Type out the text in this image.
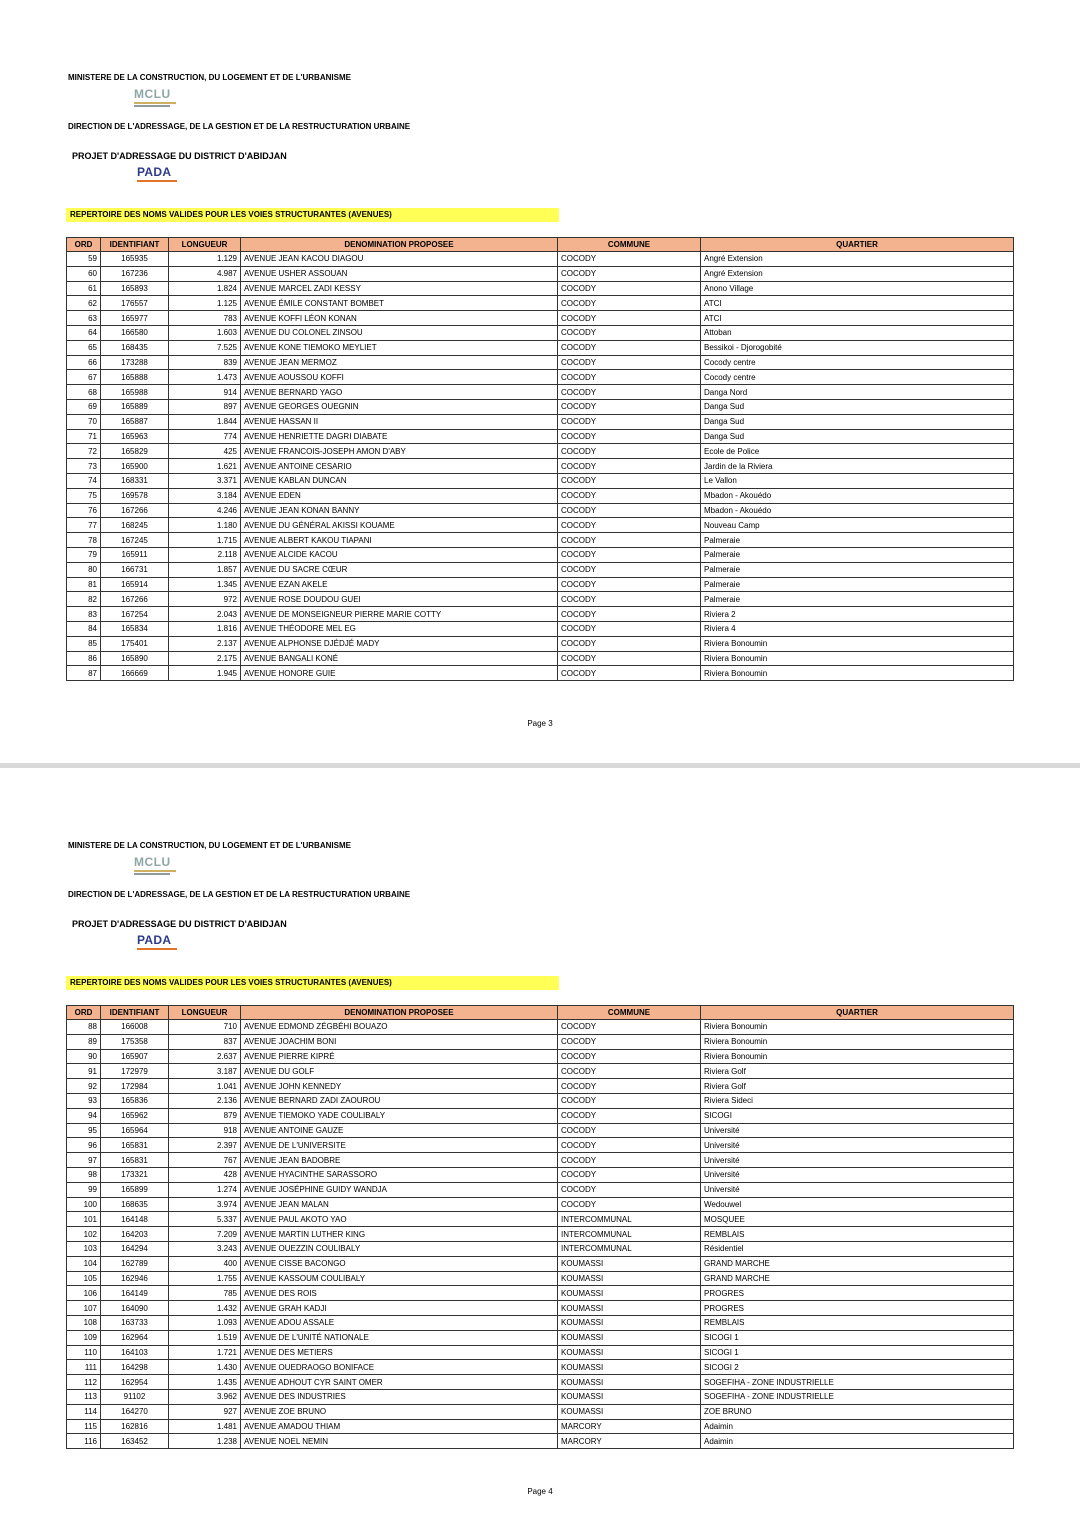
MINISTERE DE LA CONSTRUCTION, DU LOGEMENT ET DE L'URBANISME
MCLU
DIRECTION DE L'ADRESSAGE, DE LA GESTION ET DE LA RESTRUCTURATION URBAINE
PROJET D'ADRESSAGE DU DISTRICT D'ABIDJAN
PADA
REPERTOIRE DES NOMS VALIDES POUR LES VOIES STRUCTURANTES (AVENUES)
ORD	IDENTIFIANT	LONGUEUR	DENOMINATION PROPOSEE	COMMUNE	QUARTIER
59	165935	1.129	AVENUE JEAN KACOU DIAGOU	COCODY	Angré Extension
60	167236	4.987	AVENUE USHER ASSOUAN	COCODY	Angré Extension
61	165893	1.824	AVENUE MARCEL ZADI KESSY	COCODY	Anono Village
62	176557	1.125	AVENUE ÉMILE CONSTANT BOMBET	COCODY	ATCI
63	165977	783	AVENUE KOFFI LÉON KONAN	COCODY	ATCI
64	166580	1.603	AVENUE DU COLONEL ZINSOU	COCODY	Attoban
65	168435	7.525	AVENUE KONE TIEMOKO MEYLIET	COCODY	Bessikoi - Djorogobité
66	173288	839	AVENUE JEAN MERMOZ	COCODY	Cocody centre
67	165888	1.473	AVENUE AOUSSOU KOFFI	COCODY	Cocody centre
68	165988	914	AVENUE BERNARD YAGO	COCODY	Danga Nord
69	165889	897	AVENUE GEORGES OUEGNIN	COCODY	Danga Sud
70	165887	1.844	AVENUE HASSAN II	COCODY	Danga Sud
71	165963	774	AVENUE HENRIETTE DAGRI DIABATE	COCODY	Danga Sud
72	165829	425	AVENUE FRANCOIS-JOSEPH AMON D'ABY	COCODY	Ecole de Police
73	165900	1.621	AVENUE ANTOINE CESARIO	COCODY	Jardin de la Riviera
74	168331	3.371	AVENUE KABLAN DUNCAN	COCODY	Le Vallon
75	169578	3.184	AVENUE EDEN	COCODY	Mbadon - Akouédo
76	167266	4.246	AVENUE JEAN KONAN BANNY	COCODY	Mbadon - Akouédo
77	168245	1.180	AVENUE DU GÉNÉRAL AKISSI KOUAME	COCODY	Nouveau Camp
78	167245	1.715	AVENUE ALBERT KAKOU TIAPANI	COCODY	Palmeraie
79	165911	2.118	AVENUE ALCIDE KACOU	COCODY	Palmeraie
80	166731	1.857	AVENUE DU SACRE CŒUR	COCODY	Palmeraie
81	165914	1.345	AVENUE EZAN AKELE	COCODY	Palmeraie
82	167266	972	AVENUE ROSE DOUDOU GUEI	COCODY	Palmeraie
83	167254	2.043	AVENUE DE MONSEIGNEUR PIERRE MARIE COTTY	COCODY	Riviera 2
84	165834	1.816	AVENUE THÉODORE MEL EG	COCODY	Riviera 4
85	175401	2.137	AVENUE ALPHONSE DJÉDJÉ MADY	COCODY	Riviera Bonoumin
86	165890	2.175	AVENUE BANGALI KONÉ	COCODY	Riviera Bonoumin
87	166669	1.945	AVENUE HONORE GUIE	COCODY	Riviera Bonoumin
Page 3
MINISTERE DE LA CONSTRUCTION, DU LOGEMENT ET DE L'URBANISME
MCLU
DIRECTION DE L'ADRESSAGE, DE LA GESTION ET DE LA RESTRUCTURATION URBAINE
PROJET D'ADRESSAGE DU DISTRICT D'ABIDJAN
PADA
REPERTOIRE DES NOMS VALIDES POUR LES VOIES STRUCTURANTES (AVENUES)
ORD	IDENTIFIANT	LONGUEUR	DENOMINATION PROPOSEE	COMMUNE	QUARTIER
88	166008	710	AVENUE EDMOND ZÉGBÉHI BOUAZO	COCODY	Riviera Bonoumin
89	175358	837	AVENUE JOACHIM BONI	COCODY	Riviera Bonoumin
90	165907	2.637	AVENUE PIERRE KIPRÉ	COCODY	Riviera Bonoumin
91	172979	3.187	AVENUE DU GOLF	COCODY	Riviera Golf
92	172984	1.041	AVENUE JOHN KENNEDY	COCODY	Riviera Golf
93	165836	2.136	AVENUE BERNARD ZADI ZAOUROU	COCODY	Riviera Sideci
94	165962	879	AVENUE TIEMOKO YADE COULIBALY	COCODY	SICOGI
95	165964	918	AVENUE ANTOINE GAUZE	COCODY	Université
96	165831	2.397	AVENUE DE L'UNIVERSITE	COCODY	Université
97	165831	767	AVENUE JEAN BADOBRE	COCODY	Université
98	173321	428	AVENUE HYACINTHE SARASSORO	COCODY	Université
99	165899	1.274	AVENUE JOSÉPHINE GUIDY WANDJA	COCODY	Université
100	168635	3.974	AVENUE JEAN MALAN	COCODY	Wedouwel
101	164148	5.337	AVENUE PAUL AKOTO YAO	INTERCOMMUNAL	MOSQUEE
102	164203	7.209	AVENUE MARTIN LUTHER KING	INTERCOMMUNAL	REMBLAIS
103	164294	3.243	AVENUE OUEZZIN COULIBALY	INTERCOMMUNAL	Résidentiel
104	162789	400	AVENUE CISSE BACONGO	KOUMASSI	GRAND MARCHE
105	162946	1.755	AVENUE KASSOUM COULIBALY	KOUMASSI	GRAND MARCHE
106	164149	785	AVENUE DES ROIS	KOUMASSI	PROGRES
107	164090	1.432	AVENUE GRAH KADJI	KOUMASSI	PROGRES
108	163733	1.093	AVENUE ADOU ASSALE	KOUMASSI	REMBLAIS
109	162964	1.519	AVENUE DE L'UNITÉ NATIONALE	KOUMASSI	SICOGI 1
110	164103	1.721	AVENUE DES METIERS	KOUMASSI	SICOGI 1
111	164298	1.430	AVENUE OUEDRAOGO BONIFACE	KOUMASSI	SICOGI 2
112	162954	1.435	AVENUE ADHOUT CYR SAINT OMER	KOUMASSI	SOGEFIHA - ZONE INDUSTRIELLE
113	91102	3.962	AVENUE DES INDUSTRIES	KOUMASSI	SOGEFIHA - ZONE INDUSTRIELLE
114	164270	927	AVENUE ZOE BRUNO	KOUMASSI	ZOE BRUNO
115	162816	1.481	AVENUE AMADOU THIAM	MARCORY	Adaimin
116	163452	1.238	AVENUE NOEL NEMIN	MARCORY	Adaimin
Page 4
